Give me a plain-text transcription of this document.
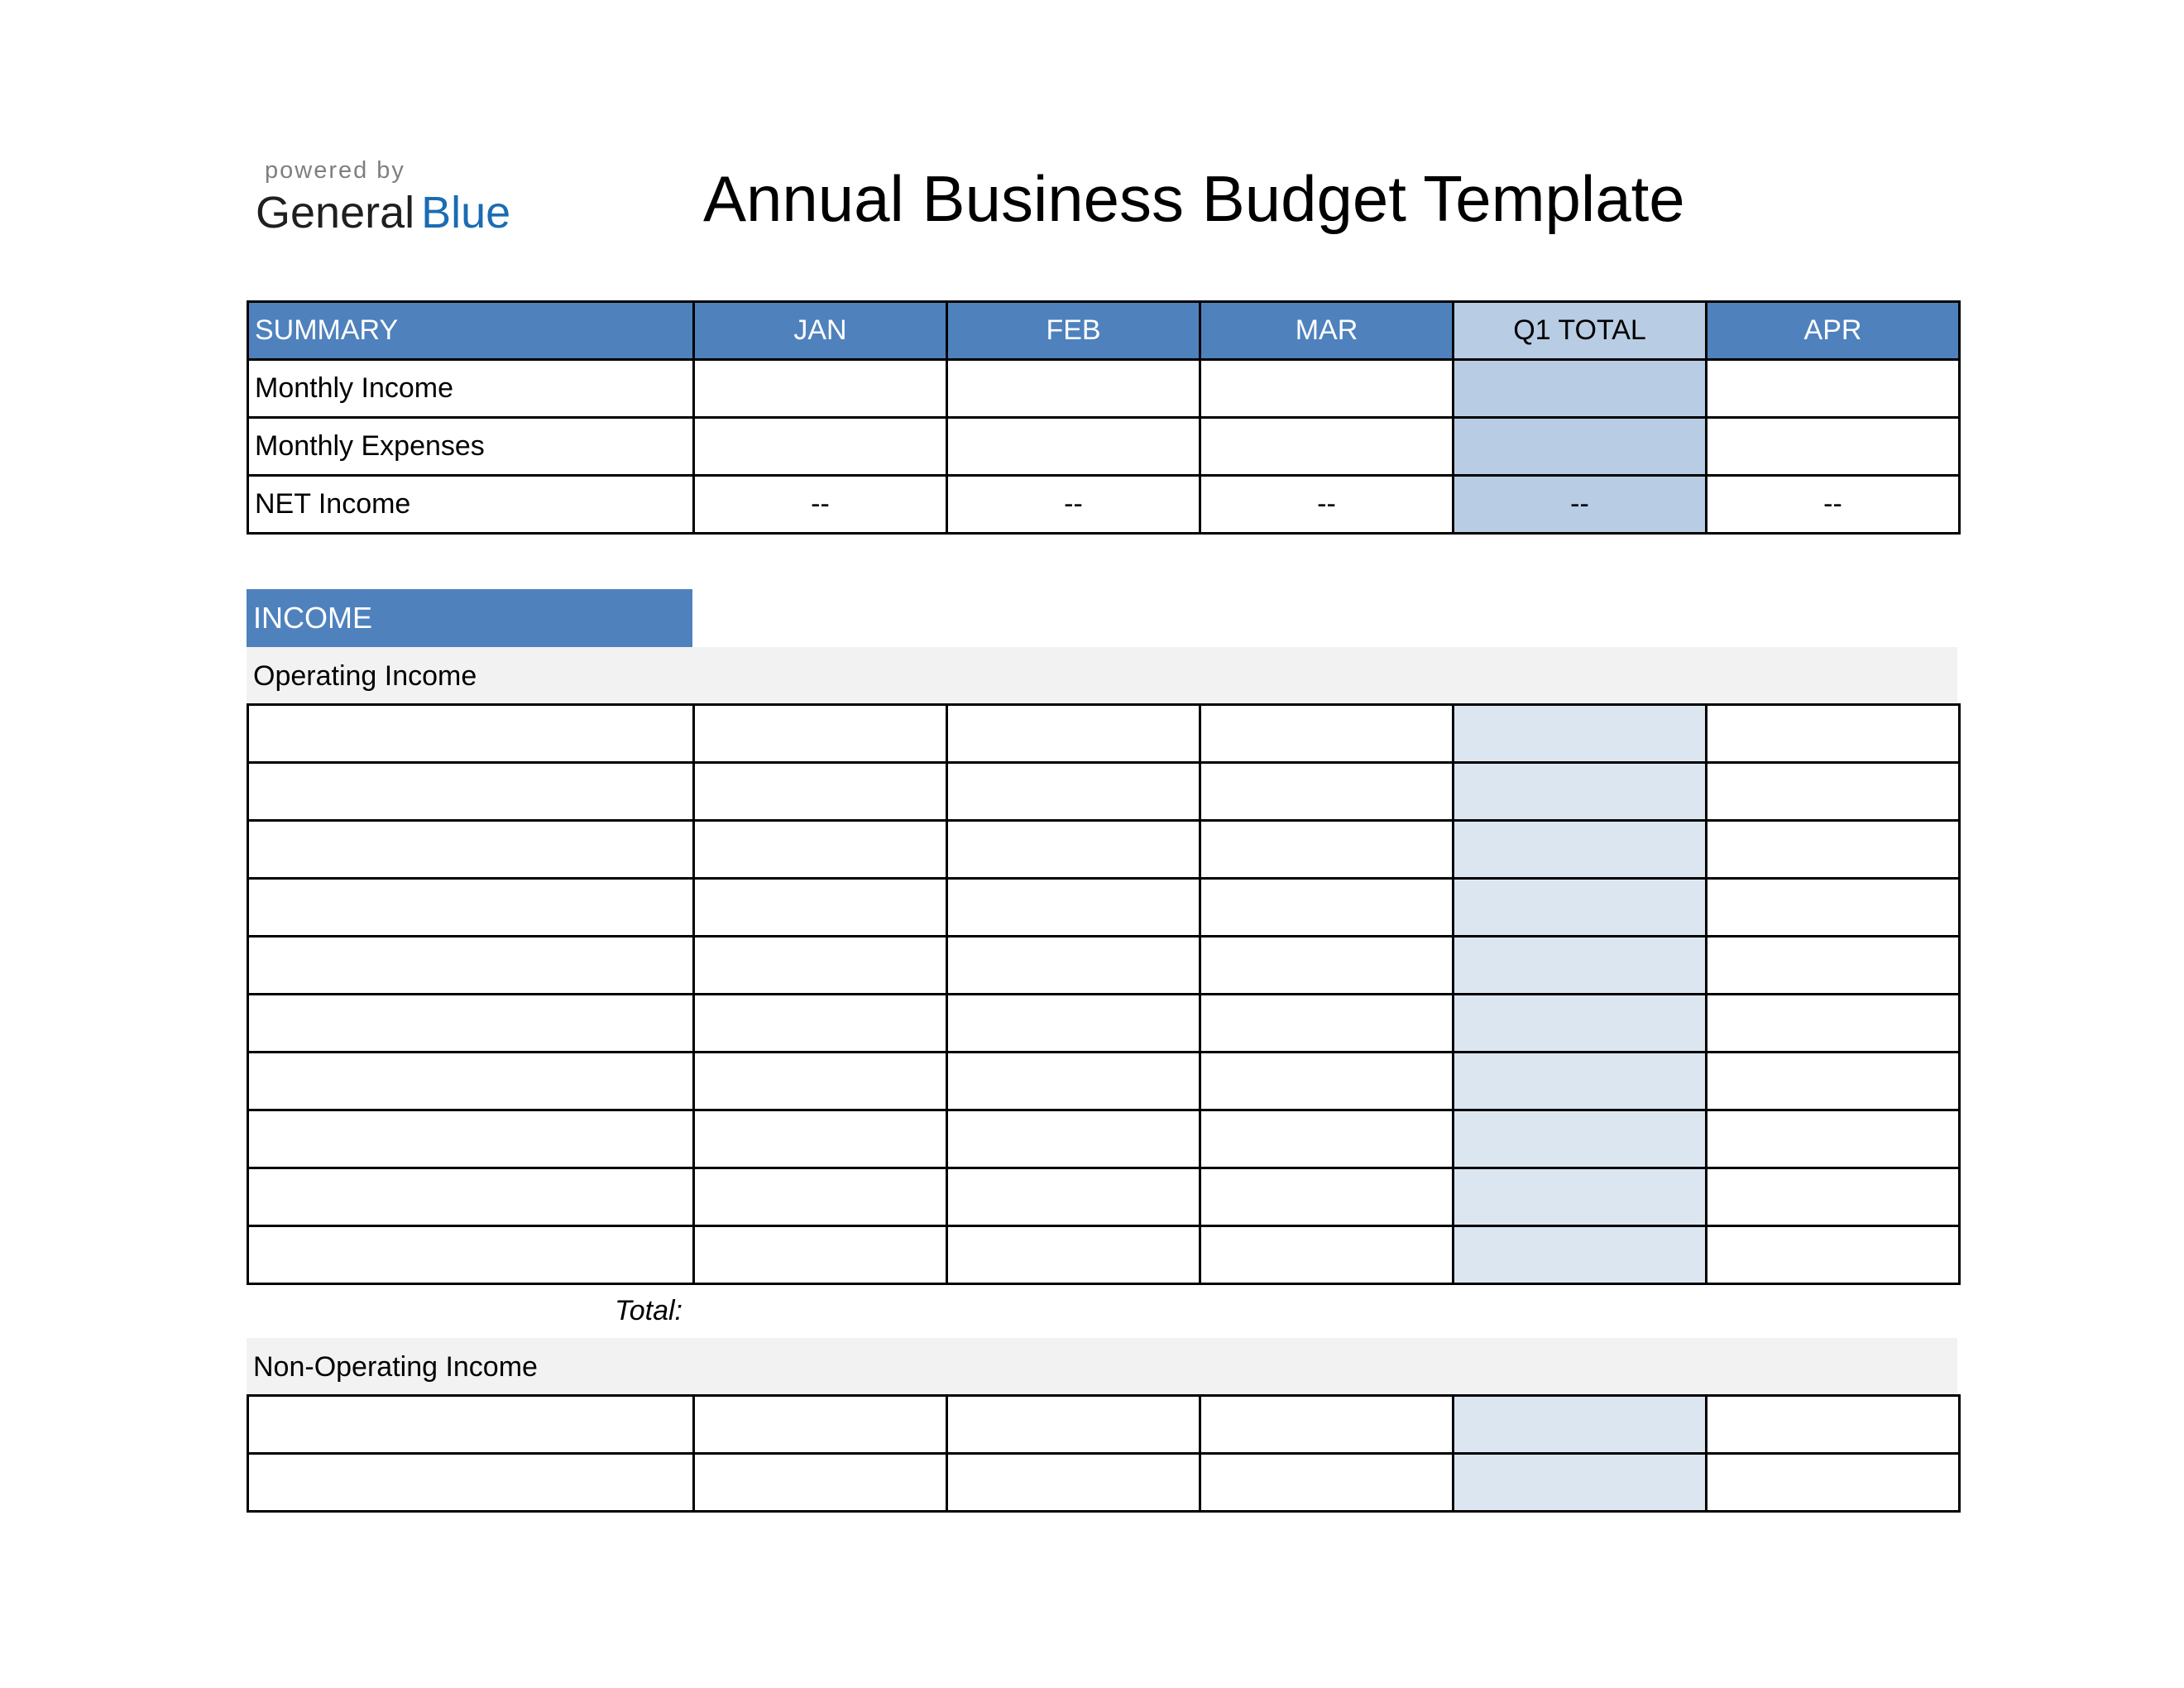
powered by
General Blue	Annual Business Budget Template
SUMMARY	JAN	FEB	MAR	Q1 TOTAL	APR
Monthly Income					
Monthly Expenses					
NET Income	--	--	--	--	--
INCOME
Operating Income

Total:
Non-Operating Income
